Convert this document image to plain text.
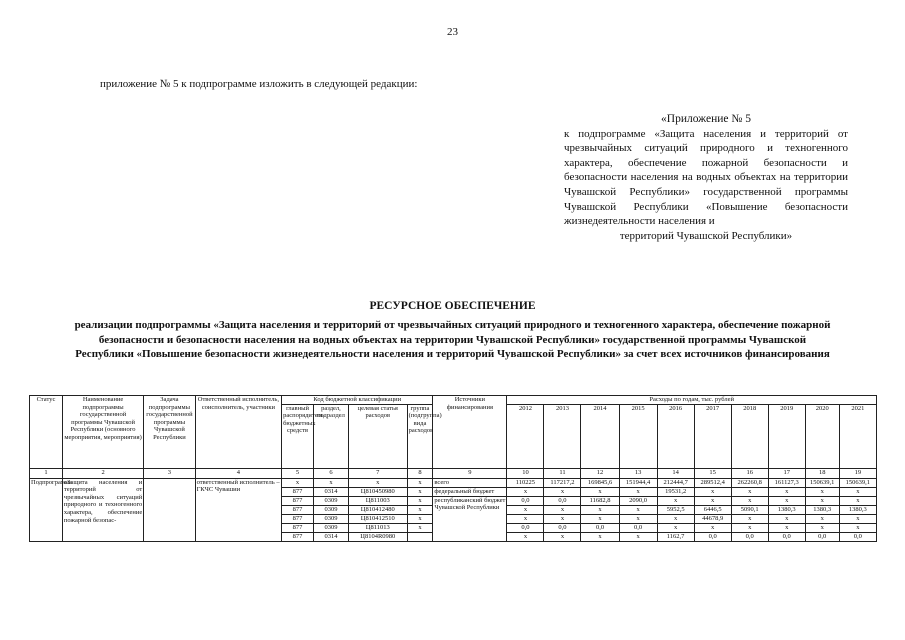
23
приложение № 5 к подпрограмме изложить в следующей редакции:
«Приложение № 5
к подпрограмме «Защита населения и территорий от чрезвычайных ситуаций природного и техногенного характера, обеспечение пожарной безопасности и безопасности населения на водных объектах на территории Чувашской Республики» государственной программы Чувашской Республики «Повышение безопасности жизнедеятельности населения и
территорий Чувашской Республики»
РЕСУРСНОЕ ОБЕСПЕЧЕНИЕ
реализации подпрограммы «Защита населения и территорий от чрезвычайных ситуаций природного и техногенного характера, обеспечение пожарной безопасности и безопасности населения на водных объектах на территории Чувашской Республики» государственной программы Чувашской Республики «Повышение безопасности жизнедеятельности населения и территорий Чувашской Республики» за счет всех источников финансирования
Статус	Наименование подпрограммы государственной программы Чувашской Республики (основного мероприятия, мероприятия)	Задача подпрограммы государственной программы Чувашской Республики	Ответственный исполнитель, соисполнитель, участники	Код бюджетной классификации				Источники финансирования	Расходы по годам, тыс. рублей									
				главный распорядитель бюджетных средств	раздел, подраздел	целевая статья расходов	группа (подгруппа) вида расходов		2012	2013	2014	2015	2016	2017	2018	2019	2020	2021
1	2	3	4	5	6	7	8	9	10	11	12	13	14	15	16	17	18	19
Подпрограмма	«Защита населения и территорий от чрезвычайных ситуаций природного и техногенного характера, обеспечение пожарной безопас-		ответственный исполнитель – ГКЧС Чувашии	х	х	х	х	всего	110225	117217,2	169845,6	151944,4	212444,7	289512,4	262260,8	161127,3	150639,1	150639,1
				877	0314	Ц810450980	х	федеральный бюджет	х	х	х	х	19531,2	х	х	х	х	х
				877	0309	Ц811003	х	республиканский бюджет Чувашской Республики	0,0	0,0	11682,8	2090,0	х	х	х	х	х	х
				877	0309	Ц810412480	х		х	х	х	х	5952,5	6446,5	5090,1	1380,3	1380,3	1380,3
				877	0309	Ц810412510	х		х	х	х	х	х	44678,9	х	х	х	х
				877	0309	Ц811013	х		0,0	0,0	0,0	0,0	х	х	х	х	х	х
				877	0314	Ц8104R0980			х	х	х	х	1162,7	0,0	0,0	0,0	0,0	0,0
